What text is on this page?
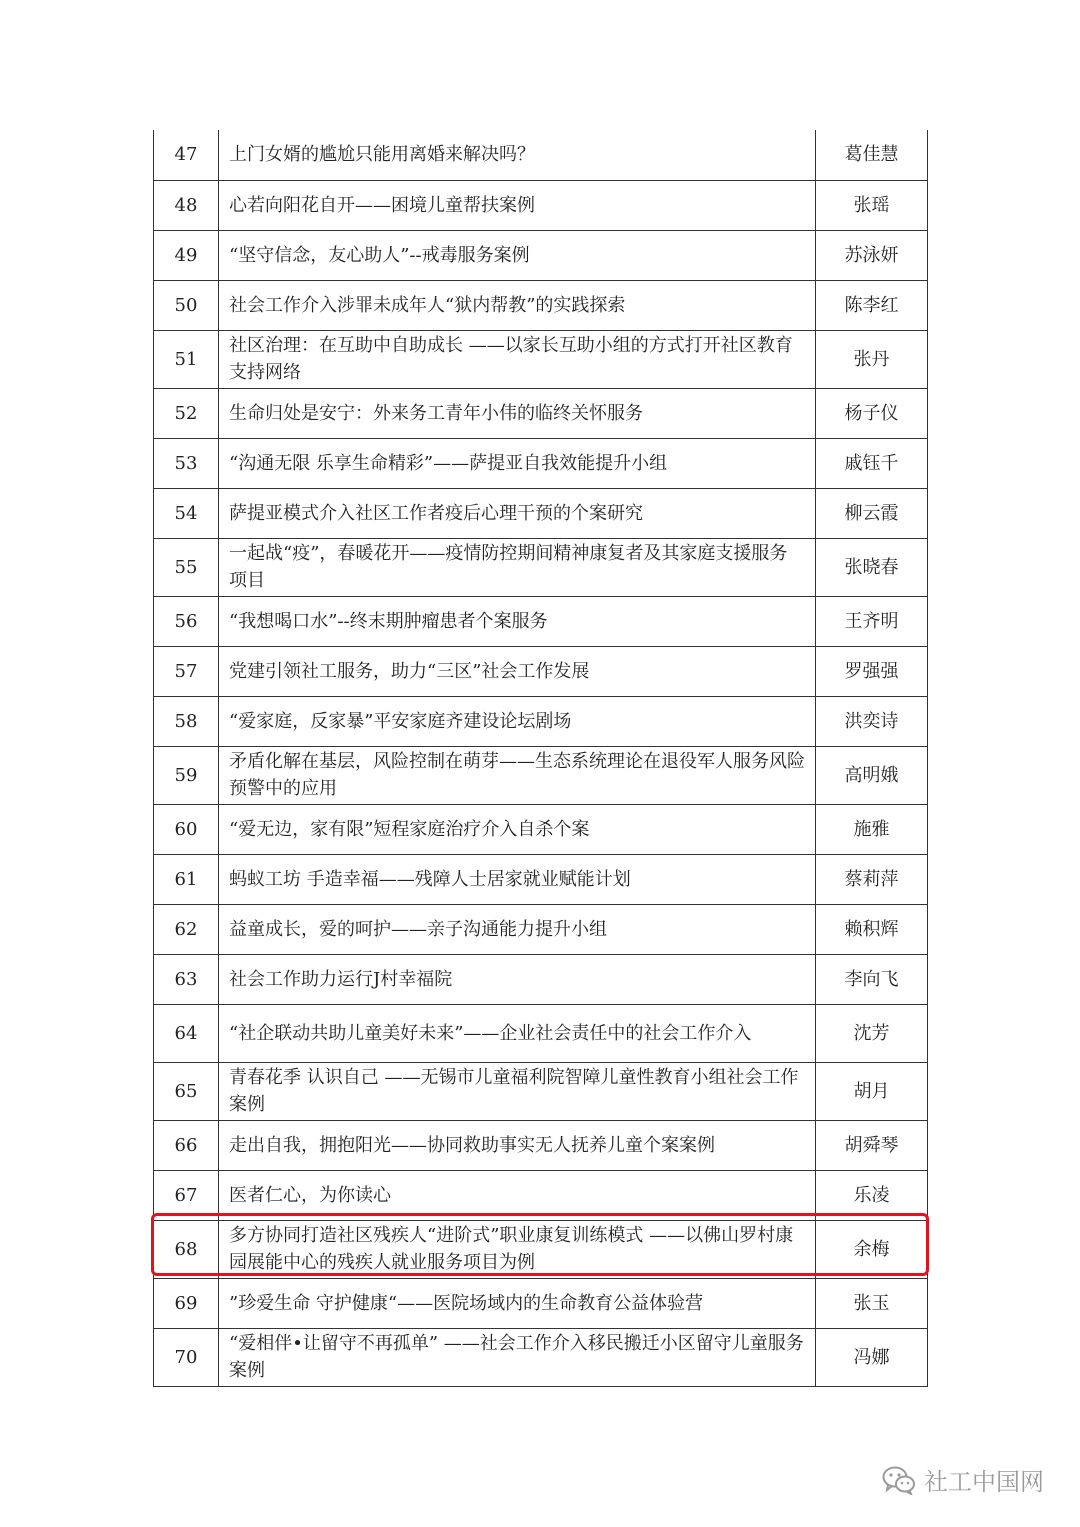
47	上门女婿的尴尬只能用离婚来解决吗？	葛佳慧
48	心若向阳花自开——困境儿童帮扶案例	张瑶
49	“坚守信念，友心助人”--戒毒服务案例	苏泳妍
50	社会工作介入涉罪未成年人“狱内帮教”的实践探索	陈李红
51	社区治理：在互助中自助成长 ——以家长互助小组的方式打开社区教育支持网络	张丹
52	生命归处是安宁：外来务工青年小伟的临终关怀服务	杨子仪
53	“沟通无限 乐享生命精彩”——萨提亚自我效能提升小组	戚钰千
54	萨提亚模式介入社区工作者疫后心理干预的个案研究	柳云霞
55	一起战“疫”，春暖花开——疫情防控期间精神康复者及其家庭支援服务项目	张晓春
56	“我想喝口水”--终末期肿瘤患者个案服务	王齐明
57	党建引领社工服务，助力“三区”社会工作发展	罗强强
58	“爱家庭，反家暴”平安家庭齐建设论坛剧场	洪奕诗
59	矛盾化解在基层，风险控制在萌芽——生态系统理论在退役军人服务风险预警中的应用	高明娥
60	“爱无边，家有限”短程家庭治疗介入自杀个案	施雅
61	蚂蚁工坊 手造幸福——残障人士居家就业赋能计划	蔡莉萍
62	益童成长，爱的呵护——亲子沟通能力提升小组	赖积辉
63	社会工作助力运行J村幸福院	李向飞
64	“社企联动共助儿童美好未来”——企业社会责任中的社会工作介入	沈芳
65	青春花季 认识自己 ——无锡市儿童福利院智障儿童性教育小组社会工作案例	胡月
66	走出自我，拥抱阳光——协同救助事实无人抚养儿童个案案例	胡舜琴
67	医者仁心，为你读心	乐凌
68	多方协同打造社区残疾人“进阶式”职业康复训练模式 ——以佛山罗村康园展能中心的残疾人就业服务项目为例	余梅
69	”珍爱生命 守护健康“——医院场域内的生命教育公益体验营	张玉
70	“爱相伴•让留守不再孤单” ——社会工作介入移民搬迁小区留守儿童服务案例	冯娜
社工中国网
